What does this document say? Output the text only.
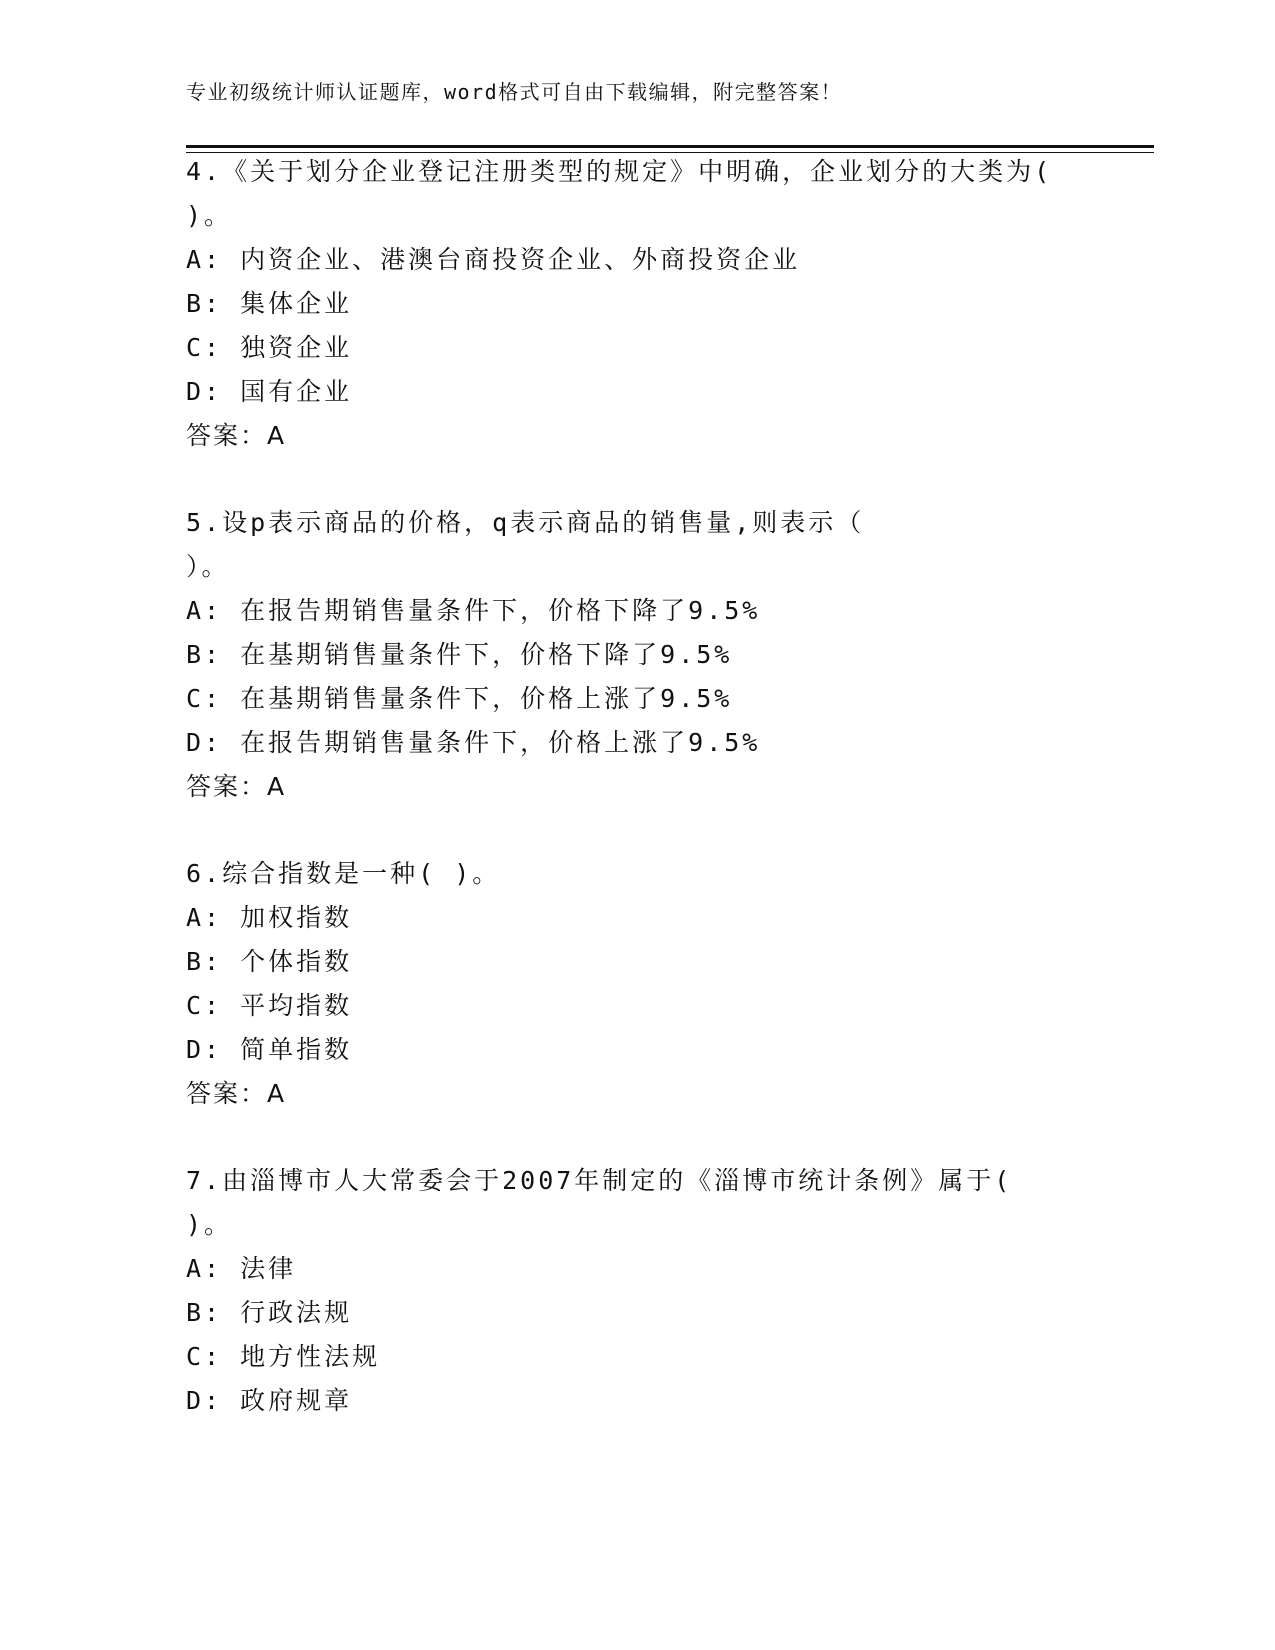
专业初级统计师认证题库，word格式可自由下载编辑，附完整答案！
4.《关于划分企业登记注册类型的规定》中明确，企业划分的大类为(
)。
A: 内资企业、港澳台商投资企业、外商投资企业
B: 集体企业
C: 独资企业
D: 国有企业
答案：A
5.设p表示商品的价格，q表示商品的销售量,则表示（
）。
A: 在报告期销售量条件下，价格下降了9.5%
B: 在基期销售量条件下，价格下降了9.5%
C: 在基期销售量条件下，价格上涨了9.5%
D: 在报告期销售量条件下，价格上涨了9.5%
答案：A
6.综合指数是一种( )。
A: 加权指数
B: 个体指数
C: 平均指数
D: 简单指数
答案：A
7.由淄博市人大常委会于2007年制定的《淄博市统计条例》属于(
)。
A: 法律
B: 行政法规
C: 地方性法规
D: 政府规章
